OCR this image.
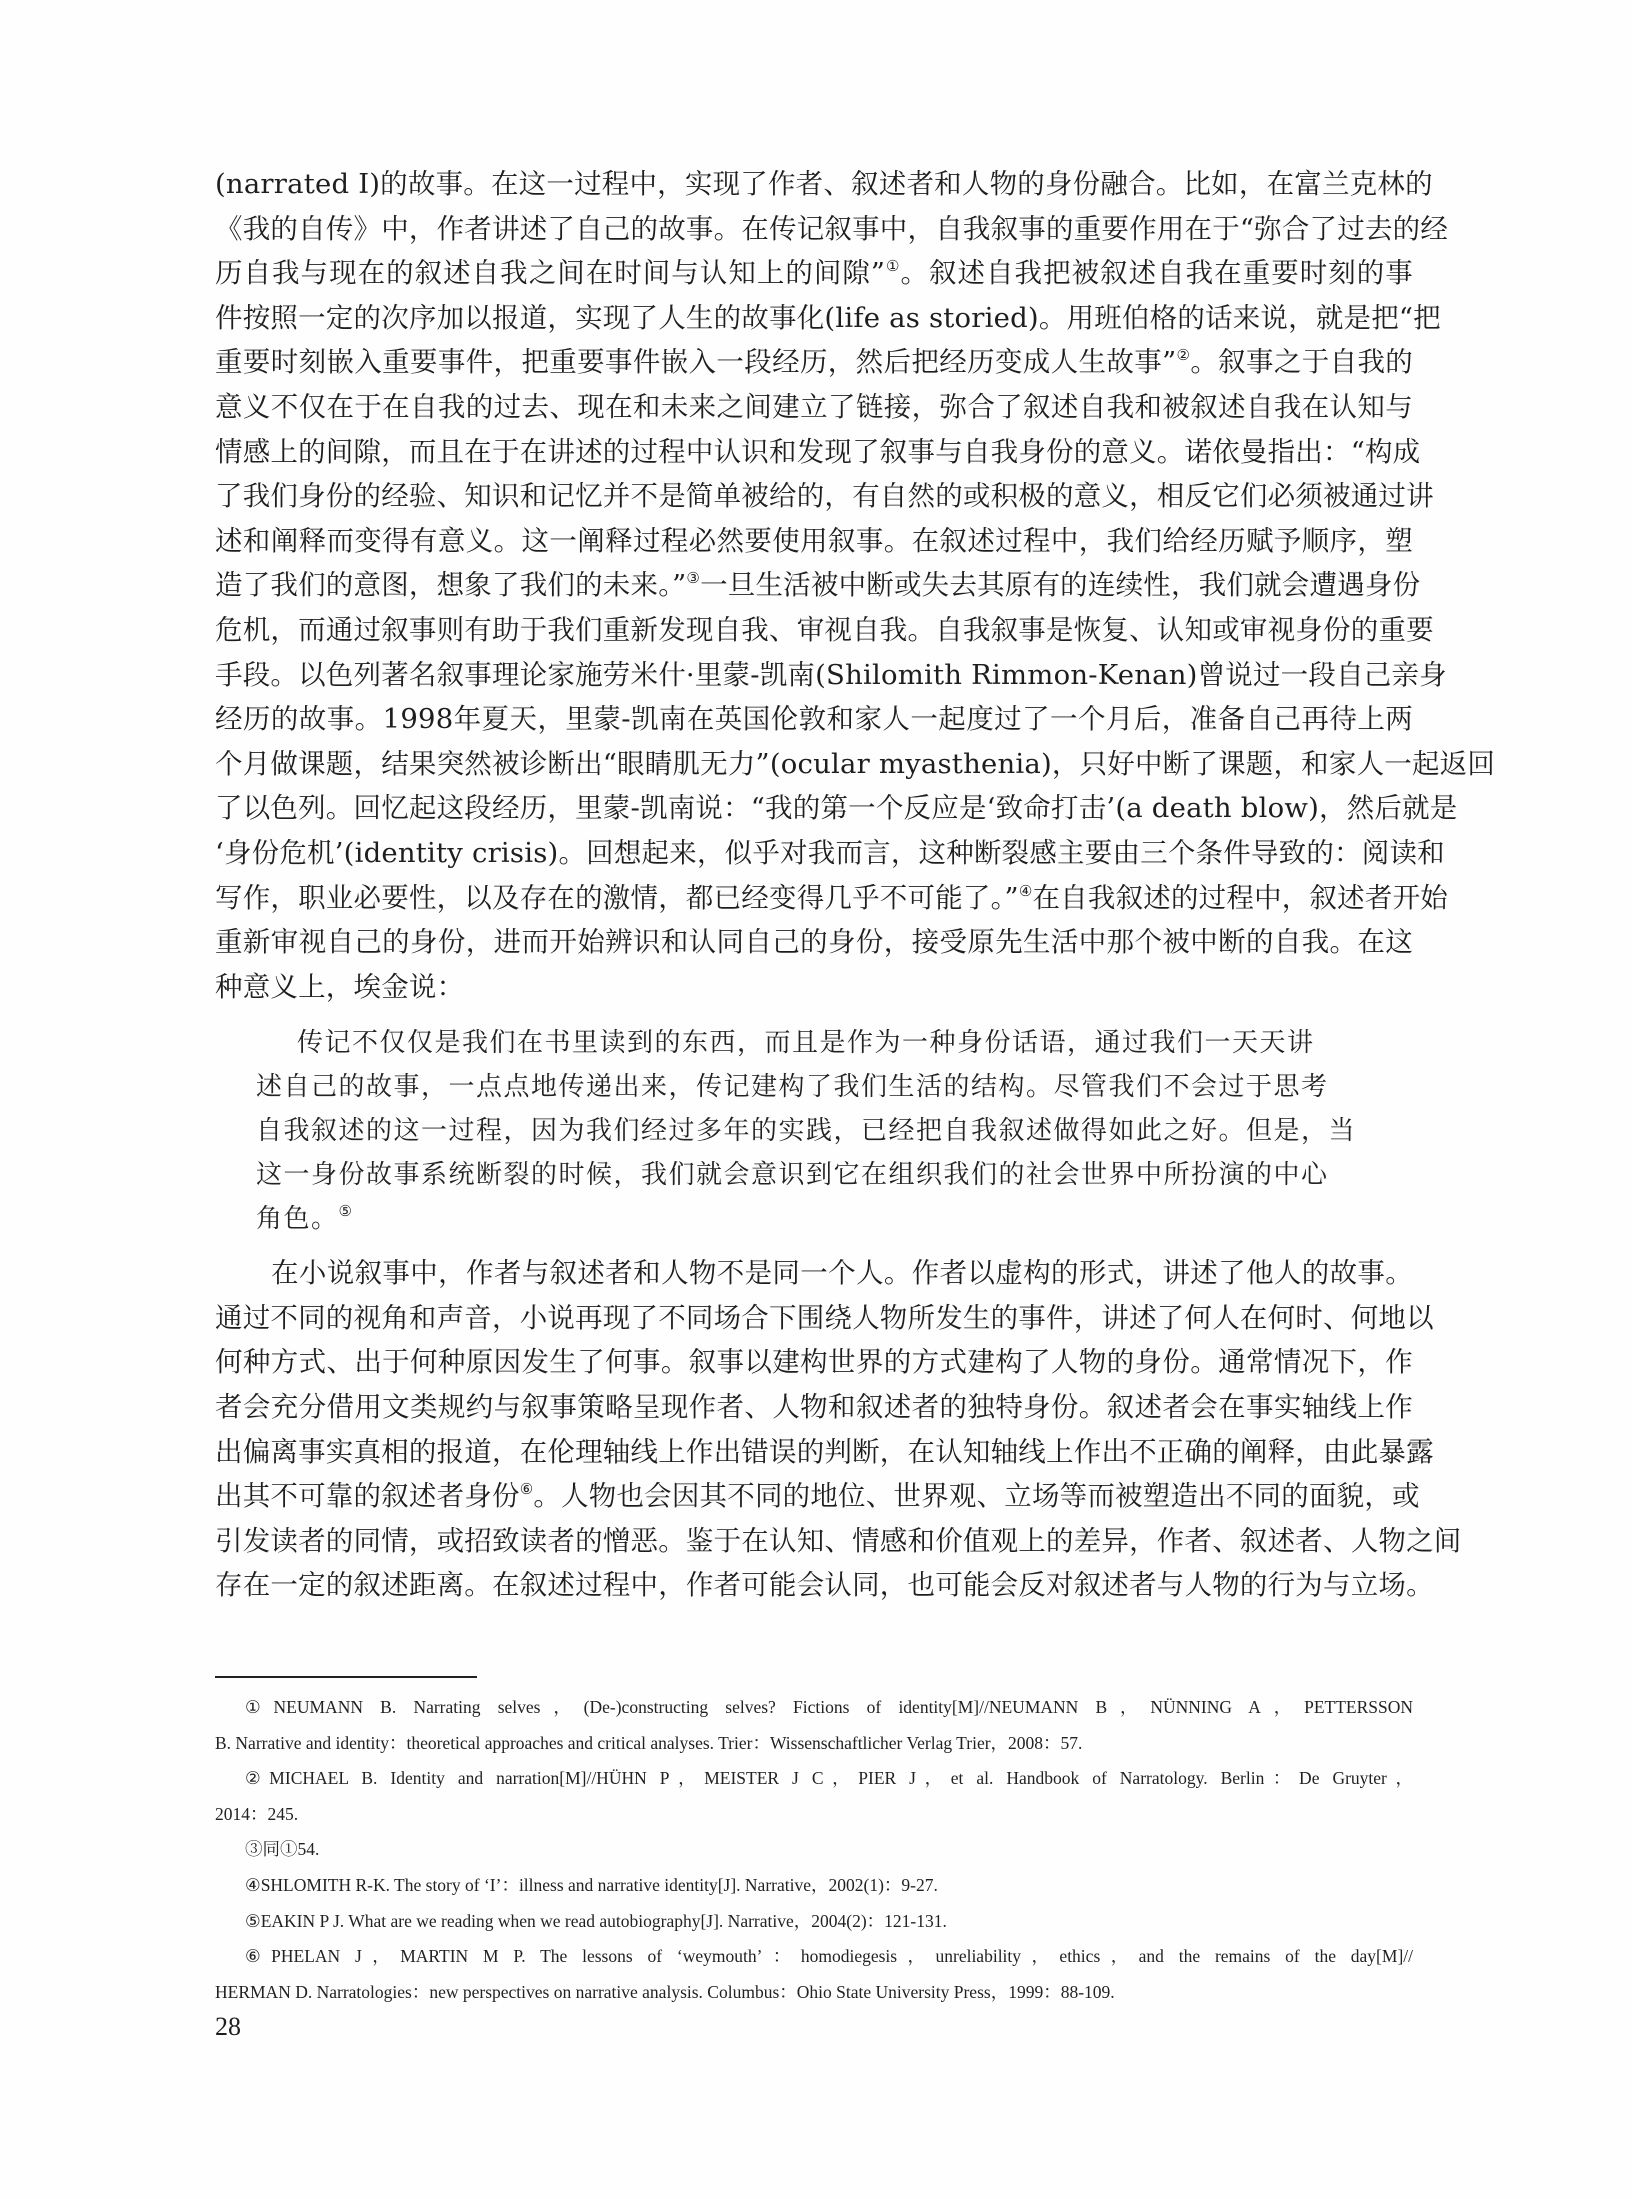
(narrated I)的故事。在这一过程中，实现了作者、叙述者和人物的身份融合。比如，在富兰克林的
《我的自传》中，作者讲述了自己的故事。在传记叙事中，自我叙事的重要作用在于“弥合了过去的经
历自我与现在的叙述自我之间在时间与认知上的间隙”①。叙述自我把被叙述自我在重要时刻的事
件按照一定的次序加以报道，实现了人生的故事化(life as storied)。用班伯格的话来说，就是把“把
重要时刻嵌入重要事件，把重要事件嵌入一段经历，然后把经历变成人生故事”②。叙事之于自我的
意义不仅在于在自我的过去、现在和未来之间建立了链接，弥合了叙述自我和被叙述自我在认知与
情感上的间隙，而且在于在讲述的过程中认识和发现了叙事与自我身份的意义。诺依曼指出：“构成
了我们身份的经验、知识和记忆并不是简单被给的，有自然的或积极的意义，相反它们必须被通过讲
述和阐释而变得有意义。这一阐释过程必然要使用叙事。在叙述过程中，我们给经历赋予顺序，塑
造了我们的意图，想象了我们的未来。”③一旦生活被中断或失去其原有的连续性，我们就会遭遇身份
危机，而通过叙事则有助于我们重新发现自我、审视自我。自我叙事是恢复、认知或审视身份的重要
手段。以色列著名叙事理论家施劳米什·里蒙-凯南(Shilomith Rimmon-Kenan)曾说过一段自己亲身
经历的故事。1998年夏天，里蒙-凯南在英国伦敦和家人一起度过了一个月后，准备自己再待上两
个月做课题，结果突然被诊断出“眼睛肌无力”(ocular myasthenia)，只好中断了课题，和家人一起返回
了以色列。回忆起这段经历，里蒙-凯南说：“我的第一个反应是‘致命打击’(a death blow)，然后就是
‘身份危机’(identity crisis)。回想起来，似乎对我而言，这种断裂感主要由三个条件导致的：阅读和
写作，职业必要性，以及存在的激情，都已经变得几乎不可能了。”④在自我叙述的过程中，叙述者开始
重新审视自己的身份，进而开始辨识和认同自己的身份，接受原先生活中那个被中断的自我。在这
种意义上，埃金说：
传记不仅仅是我们在书里读到的东西，而且是作为一种身份话语，通过我们一天天讲
述自己的故事，一点点地传递出来，传记建构了我们生活的结构。尽管我们不会过于思考
自我叙述的这一过程，因为我们经过多年的实践，已经把自我叙述做得如此之好。但是，当
这一身份故事系统断裂的时候，我们就会意识到它在组织我们的社会世界中所扮演的中心
角色。⑤
在小说叙事中，作者与叙述者和人物不是同一个人。作者以虚构的形式，讲述了他人的故事。
通过不同的视角和声音，小说再现了不同场合下围绕人物所发生的事件，讲述了何人在何时、何地以
何种方式、出于何种原因发生了何事。叙事以建构世界的方式建构了人物的身份。通常情况下，作
者会充分借用文类规约与叙事策略呈现作者、人物和叙述者的独特身份。叙述者会在事实轴线上作
出偏离事实真相的报道，在伦理轴线上作出错误的判断，在认知轴线上作出不正确的阐释，由此暴露
出其不可靠的叙述者身份⑥。人物也会因其不同的地位、世界观、立场等而被塑造出不同的面貌，或
引发读者的同情，或招致读者的憎恶。鉴于在认知、情感和价值观上的差异，作者、叙述者、人物之间
存在一定的叙述距离。在叙述过程中，作者可能会认同，也可能会反对叙述者与人物的行为与立场。
①NEUMANN B. Narrating selves，(De-)constructing selves? Fictions of identity[M]//NEUMANN B，NÜNNING A，PETTERSSON
B. Narrative and identity：theoretical approaches and critical analyses. Trier：Wissenschaftlicher Verlag Trier，2008：57.
②MICHAEL B. Identity and narration[M]//HÜHN P，MEISTER J C，PIER J，et al. Handbook of Narratology. Berlin：De Gruyter，
2014：245.
③同①54.
④SHLOMITH R-K. The story of ‘I’：illness and narrative identity[J]. Narrative，2002(1)：9-27.
⑤EAKIN P J. What are we reading when we read autobiography[J]. Narrative，2004(2)：121-131.
⑥PHELAN J，MARTIN M P. The lessons of ‘weymouth’：homodiegesis，unreliability，ethics，and the remains of the day[M]//
HERMAN D. Narratologies：new perspectives on narrative analysis. Columbus：Ohio State University Press，1999：88-109.
28
